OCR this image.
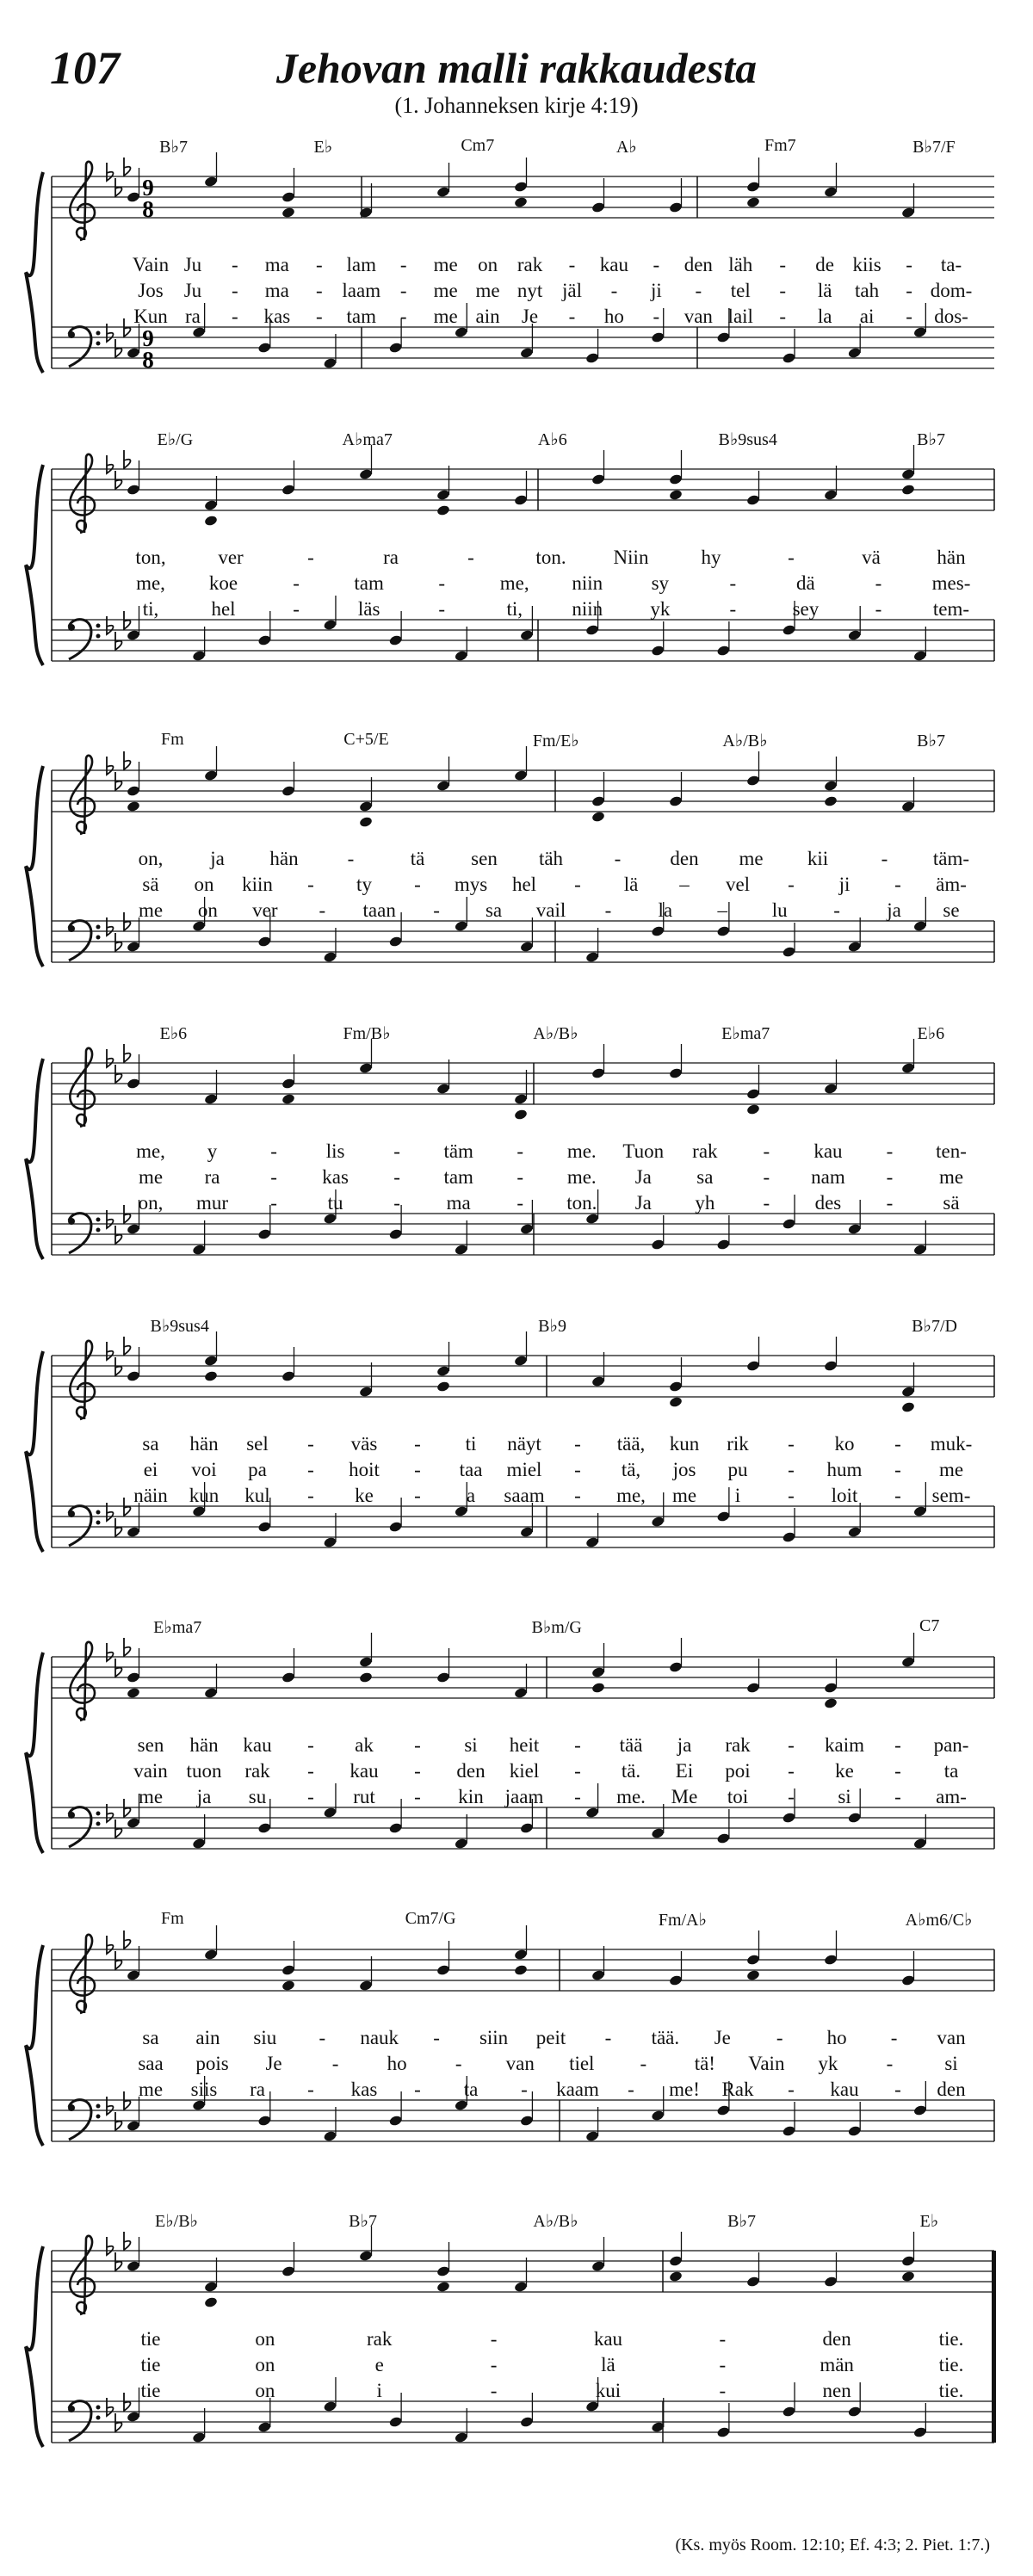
107	Jehovan malli rakkaudesta
(1. Johanneksen kirje 4:19)
9
8
9
8
B♭7	E♭	Cm7	A♭	Fm7	B♭7/F
Vain Ju - ma - lam - me on rak - kau - den läh - de kiis - ta-
Jos Ju - ma - laam - me me nyt jäl - ji - tel - lä tah - dom-
Kun ra - kas - tam - me ain Je - ho - van lail - la ai - dos-
E♭/G	A♭ma7	A♭6	B♭9sus4	B♭7
ton,	ver	-	ra	-	ton. Niin	hy	-	vä	hän
me, koe	-	tam	-	me, niin sy	-	dä	-	mes-
ti,	hel	-	läs	-	ti, niin yk	-	sey	-	tem-
Fm	C+5/E	Fm/E♭	A♭/B♭	B♭7
on, ja hän -	tä sen täh	- den me kii	- täm-
sä on kiin - ty - mys hel - lä – vel - ji - äm-
me on ver - taan - sa vail - la – lu - ja se
E♭6	Fm/B♭	A♭/B♭	E♭ma7	E♭6
me, y	- lis - täm - me. Tuon rak - kau - ten-
me ra	- kas - tam - me. Ja sa	- nam - me
on, mur -	tu	- ma - ton. Ja yh - des -	sä
B♭9sus4	B♭9	B♭7/D
sa hän sel - väs - ti näyt - tää, kun rik - ko - muk-
ei voi pa - hoit - taa miel - tä, jos pu - hum - me
näin kun kul - ke - a saam - me, me i - loit - sem-
E♭ma7	B♭m/G	C7
sen hän kau - ak - si heit - tää ja rak - kaim - pan-
vain tuon rak - kau - den kiel - tä. Ei poi - ke - ta
me ja su - rut - kin jaam - me. Me toi - si - am-
Fm	Cm7/G	Fm/A♭	A♭m6/C♭
sa ain siu - nauk - siin peit - tää. Je - ho - van
saa pois Je	- ho - van tiel - tä! Vain yk -	si
me siis ra - kas - ta - kaam - me! Rak - kau - den
E♭/B♭	B♭7	A♭/B♭	B♭7	E♭
tie	on	rak	-	kau	-	den	tie.
tie	on	e	-	lä	-	män	tie.
tie	on	i	-	kui	-	nen	tie.
(Ks. myös Room. 12:10; Ef. 4:3; 2. Piet. 1:7.)
